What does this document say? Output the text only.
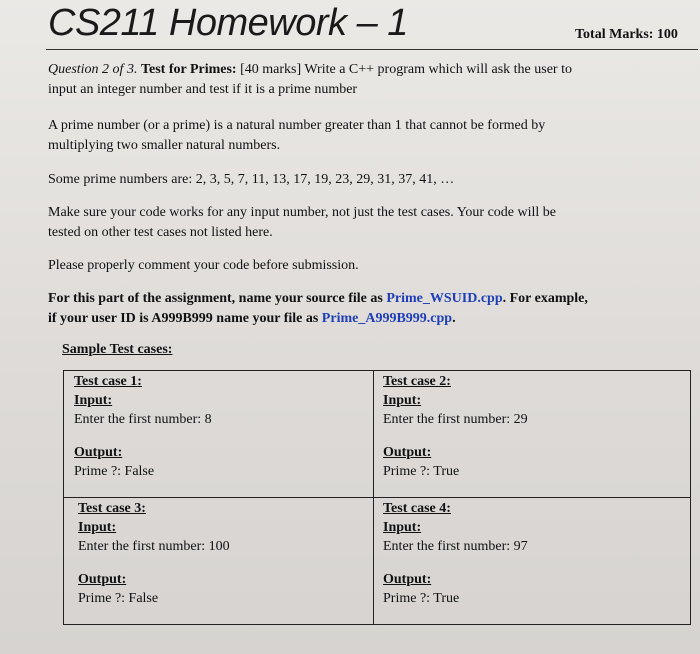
CS211 Homework – 1	Total Marks: 100
Question 2 of 3. Test for Primes: [40 marks] Write a C++ program which will ask the user to
input an integer number and test if it is a prime number
A prime number (or a prime) is a natural number greater than 1 that cannot be formed by
multiplying two smaller natural numbers.
Some prime numbers are: 2, 3, 5, 7, 11, 13, 17, 19, 23, 29, 31, 37, 41, …
Make sure your code works for any input number, not just the test cases. Your code will be
tested on other test cases not listed here.
Please properly comment your code before submission.
For this part of the assignment, name your source file as Prime_WSUID.cpp. For example,
if your user ID is A999B999 name your file as Prime_A999B999.cpp.
Sample Test cases:
Test case 1:
Input:
Enter the first number: 8
Output:
Prime ?: False
Test case 2:
Input:
Enter the first number: 29
Output:
Prime ?: True
Test case 3:
Input:
Enter the first number: 100
Output:
Prime ?: False
Test case 4:
Input:
Enter the first number: 97
Output:
Prime ?: True
